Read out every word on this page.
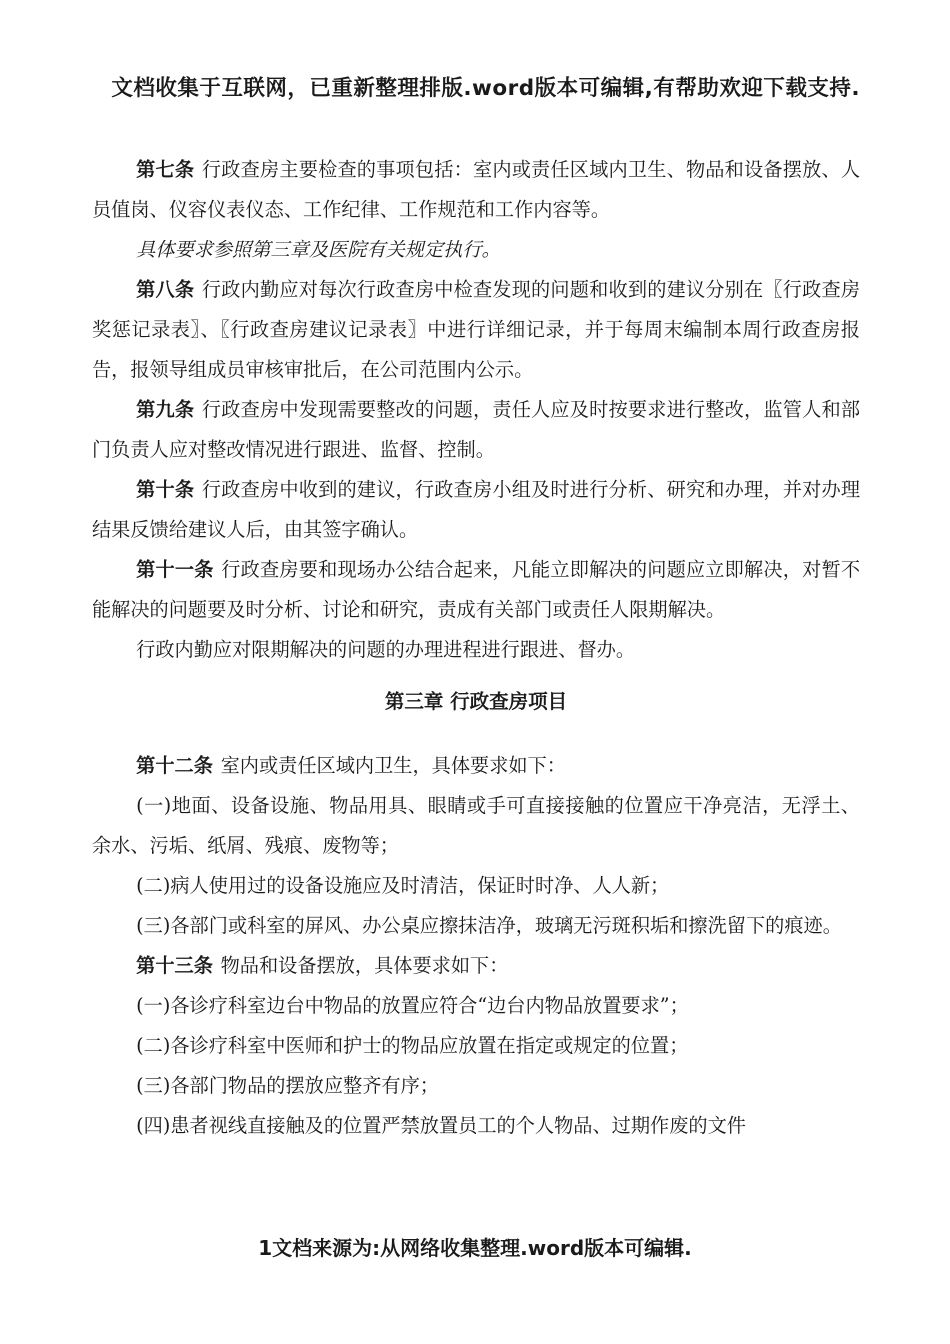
文档收集于互联网，已重新整理排版.word版本可编辑,有帮助欢迎下载支持.

第七条 行政查房主要检查的事项包括：室内或责任区域内卫生、物品和设备摆放、人员值岗、仪容仪表仪态、工作纪律、工作规范和工作内容等。

具体要求参照第三章及医院有关规定执行。

第八条 行政内勤应对每次行政查房中检查发现的问题和收到的建议分别在〖行政查房奖惩记录表〗、〖行政查房建议记录表〗中进行详细记录，并于每周末编制本周行政查房报告，报领导组成员审核审批后，在公司范围内公示。

第九条 行政查房中发现需要整改的问题，责任人应及时按要求进行整改，监管人和部门负责人应对整改情况进行跟进、监督、控制。

第十条 行政查房中收到的建议，行政查房小组及时进行分析、研究和办理，并对办理结果反馈给建议人后，由其签字确认。

第十一条 行政查房要和现场办公结合起来，凡能立即解决的问题应立即解决，对暂不能解决的问题要及时分析、讨论和研究，责成有关部门或责任人限期解决。

行政内勤应对限期解决的问题的办理进程进行跟进、督办。

第三章 行政查房项目

第十二条 室内或责任区域内卫生，具体要求如下：

(一)地面、设备设施、物品用具、眼睛或手可直接接触的位置应干净亮洁，无浮土、余水、污垢、纸屑、残痕、废物等；

(二)病人使用过的设备设施应及时清洁，保证时时净、人人新；

(三)各部门或科室的屏风、办公桌应擦抹洁净，玻璃无污斑积垢和擦洗留下的痕迹。

第十三条 物品和设备摆放，具体要求如下：

(一)各诊疗科室边台中物品的放置应符合“边台内物品放置要求”；

(二)各诊疗科室中医师和护士的物品应放置在指定或规定的位置；

(三)各部门物品的摆放应整齐有序；

(四)患者视线直接触及的位置严禁放置员工的个人物品、过期作废的文件

1文档来源为:从网络收集整理.word版本可编辑.
